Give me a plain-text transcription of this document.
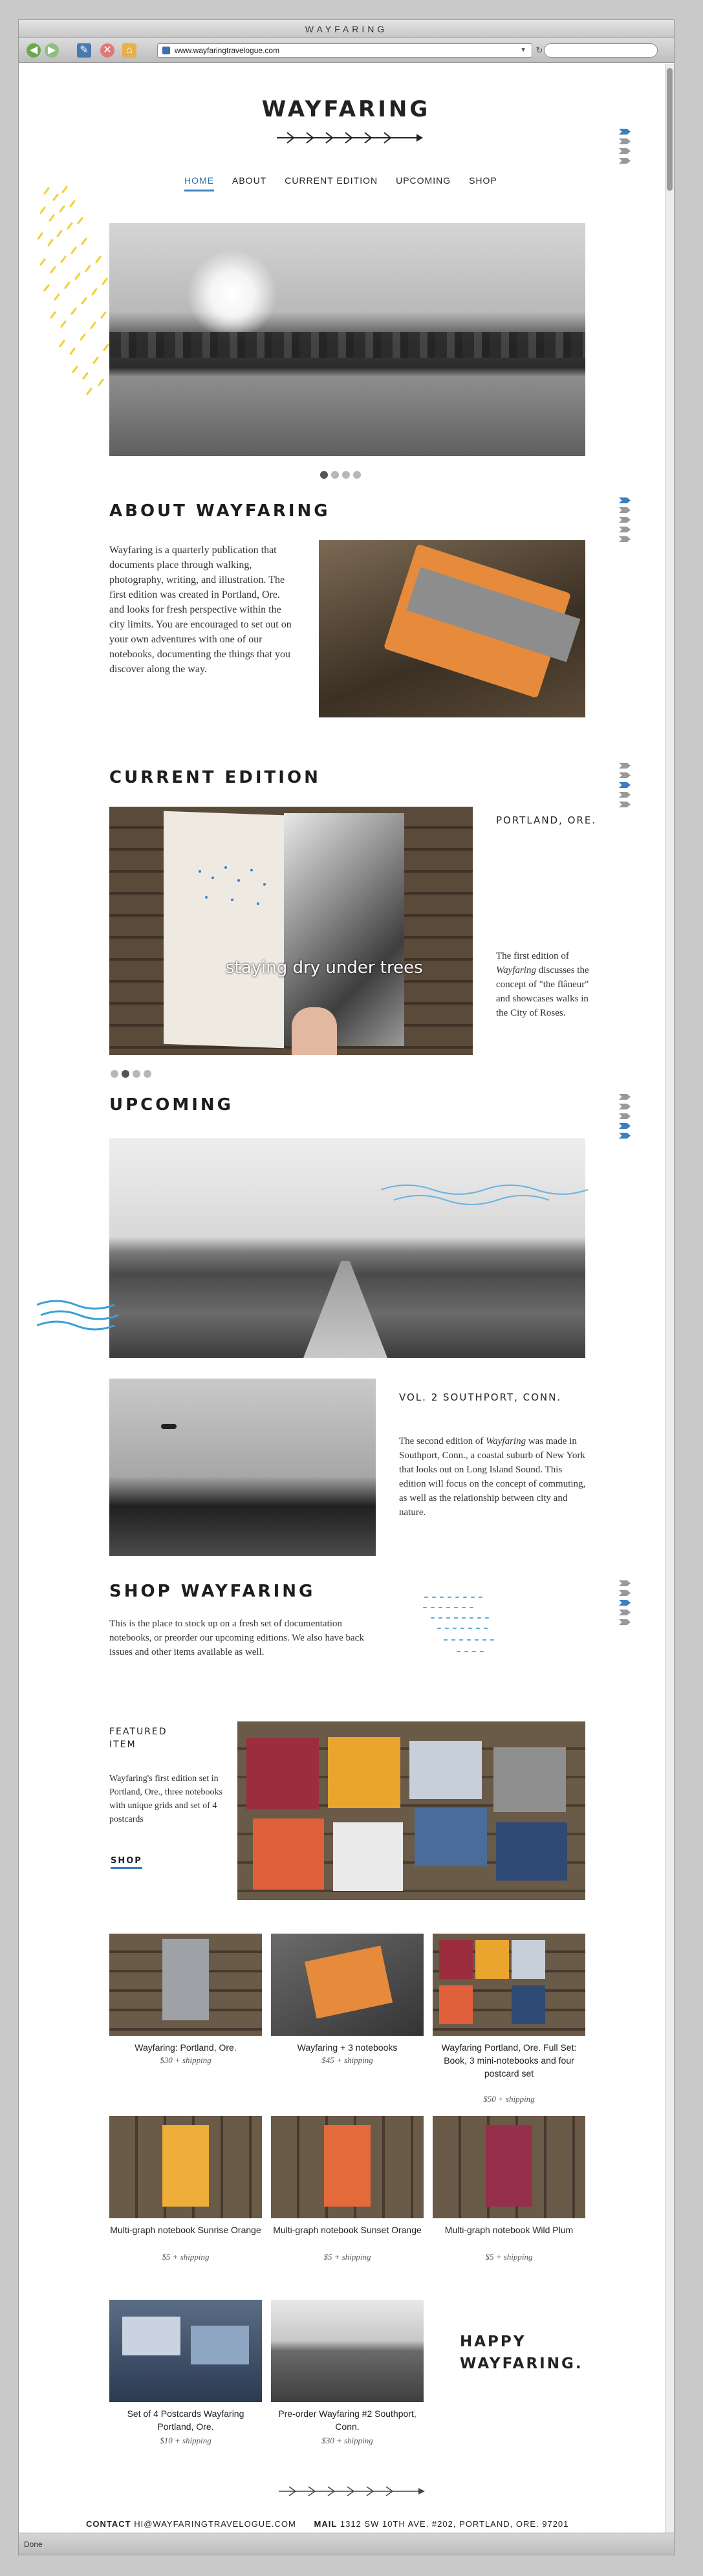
WAYFARING
◀ ▶	✎ ✕	⌂	www.wayfaringtravelogue.com	▼ ↻
WAYFARING
HOME ABOUT CURRENT EDITION UPCOMING SHOP
ABOUT WAYFARING
Wayfaring is a quarterly publication that documents place through walking, photography, writing, and illustration. The first edition was created in Portland, Ore. and looks for fresh perspective within the city limits. You are encouraged to set out on your own adventures with one of our notebooks, documenting the things that you discover along the way.
CURRENT EDITION
staying dry under trees
PORTLAND, ORE.
The first edition of Wayfaring discusses the concept of "the flâneur" and showcases walks in the City of Roses.
UPCOMING
VOL. 2 SOUTHPORT, CONN.
The second edition of Wayfaring was made in Southport, Conn., a coastal suburb of New York that looks out on Long Island Sound. This edition will focus on the concept of commuting, as well as the relationship between city and nature.
SHOP WAYFARING
This is the place to stock up on a fresh set of documentation notebooks, or preorder our upcoming editions. We also have back issues and other items available as well.
FEATURED ITEM
Wayfaring's first edition set in Portland, Ore., three notebooks with unique grids and set of 4 postcards
SHOP
Wayfaring: Portland, Ore.
$30 + shipping
Wayfaring + 3 notebooks
$45 + shipping
Wayfaring Portland, Ore. Full Set: Book, 3 mini-notebooks and four postcard set
$50 + shipping
Multi-graph notebook Sunrise Orange
$5 + shipping
Multi-graph notebook Sunset Orange
$5 + shipping
Multi-graph notebook Wild Plum
$5 + shipping
Set of 4 Postcards Wayfaring Portland, Ore.
$10 + shipping
Pre-order Wayfaring #2 Southport, Conn.
$30 + shipping
HAPPY WAYFARING.
CONTACT HI@WAYFARINGTRAVELOGUE.COM MAIL 1312 SW 10TH AVE. #202, PORTLAND, ORE. 97201
Done
